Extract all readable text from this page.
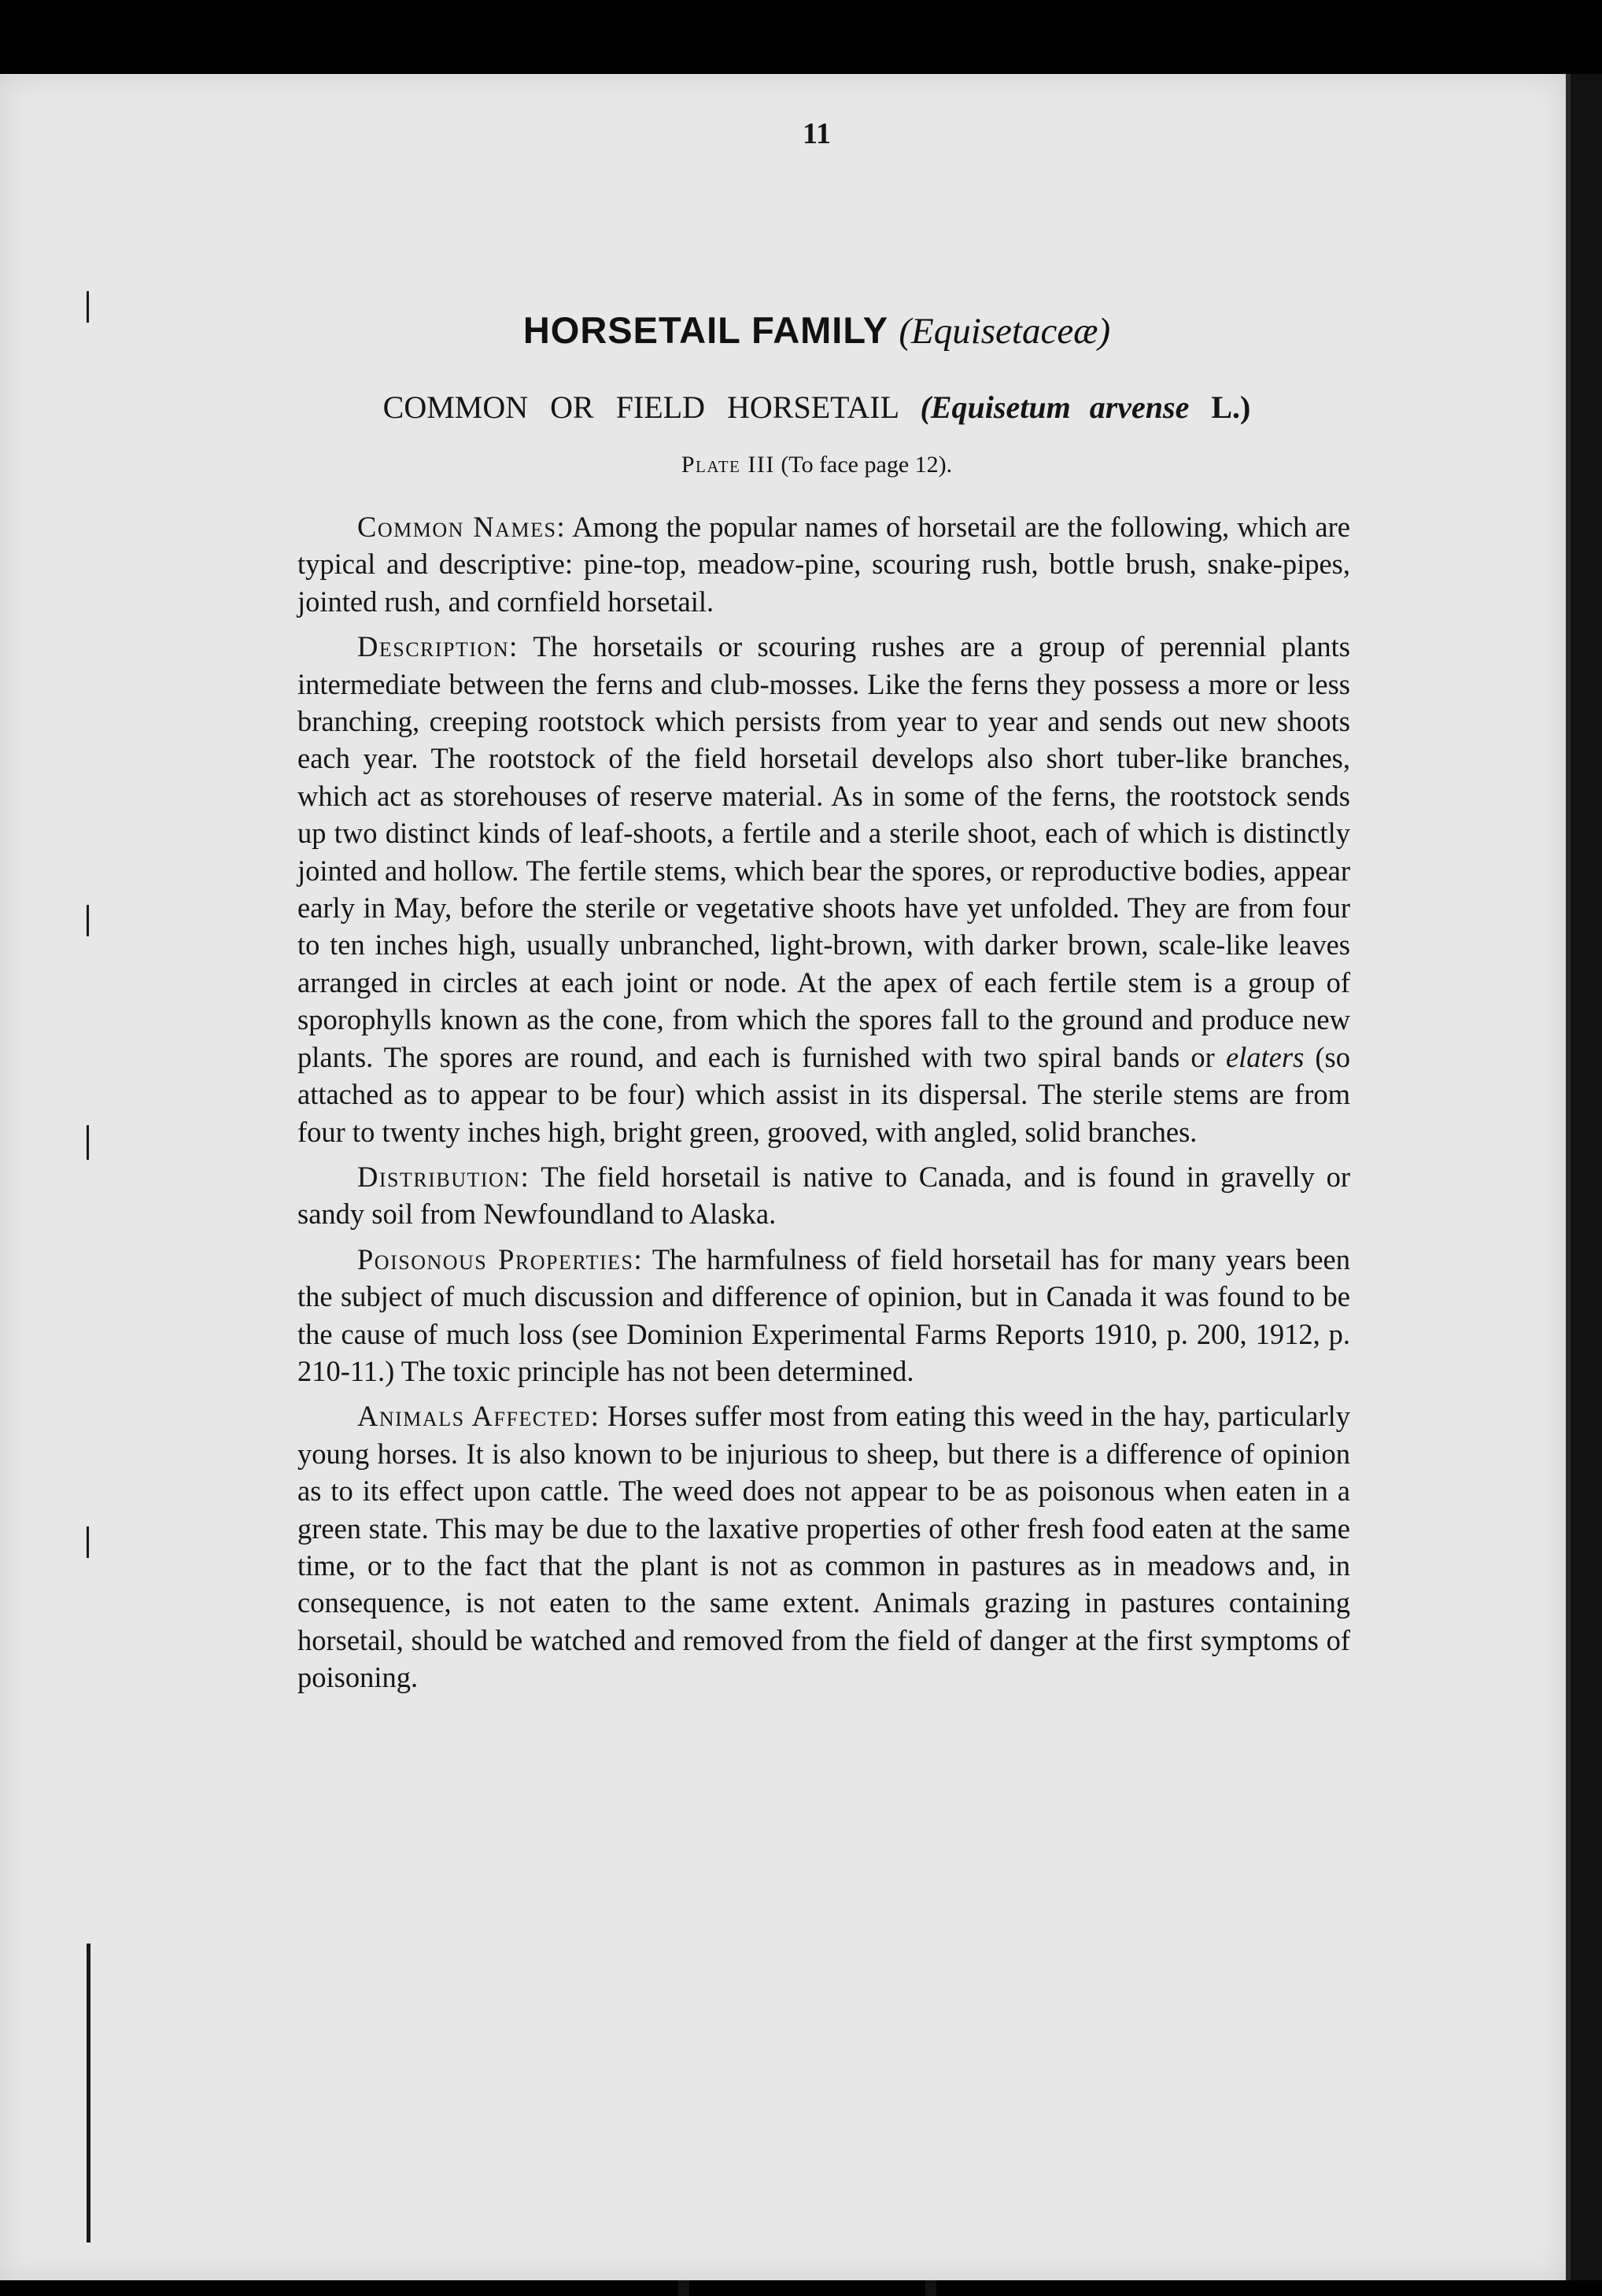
11
HORSETAIL FAMILY (Equisetaceæ)
COMMON OR FIELD HORSETAIL (Equisetum arvense L.)
Plate III (To face page 12).

Common Names: Among the popular names of horsetail are the following, which are typical and descriptive: pine-top, meadow-pine, scouring rush, bottle brush, snake-pipes, jointed rush, and cornfield horsetail.

Description: The horsetails or scouring rushes are a group of perennial plants intermediate between the ferns and club-mosses. Like the ferns they possess a more or less branching, creeping rootstock which persists from year to year and sends out new shoots each year. The rootstock of the field horsetail develops also short tuber-like branches, which act as storehouses of reserve material. As in some of the ferns, the rootstock sends up two distinct kinds of leaf-shoots, a fertile and a sterile shoot, each of which is distinctly jointed and hollow. The fertile stems, which bear the spores, or reproductive bodies, appear early in May, before the sterile or vegetative shoots have yet unfolded. They are from four to ten inches high, usually unbranched, light-brown, with darker brown, scale-like leaves arranged in circles at each joint or node. At the apex of each fertile stem is a group of sporophylls known as the cone, from which the spores fall to the ground and produce new plants. The spores are round, and each is furnished with two spiral bands or elaters (so attached as to appear to be four) which assist in its dispersal. The sterile stems are from four to twenty inches high, bright green, grooved, with angled, solid branches.

Distribution: The field horsetail is native to Canada, and is found in gravelly or sandy soil from Newfoundland to Alaska.

Poisonous Properties: The harmfulness of field horsetail has for many years been the subject of much discussion and difference of opinion, but in Canada it was found to be the cause of much loss (see Dominion Experimental Farms Reports 1910, p. 200, 1912, p. 210-11.) The toxic principle has not been determined.

Animals Affected: Horses suffer most from eating this weed in the hay, particularly young horses. It is also known to be injurious to sheep, but there is a difference of opinion as to its effect upon cattle. The weed does not appear to be as poisonous when eaten in a green state. This may be due to the laxative properties of other fresh food eaten at the same time, or to the fact that the plant is not as common in pastures as in meadows and, in consequence, is not eaten to the same extent. Animals grazing in pastures containing horsetail, should be watched and removed from the field of danger at the first symptoms of poisoning.
